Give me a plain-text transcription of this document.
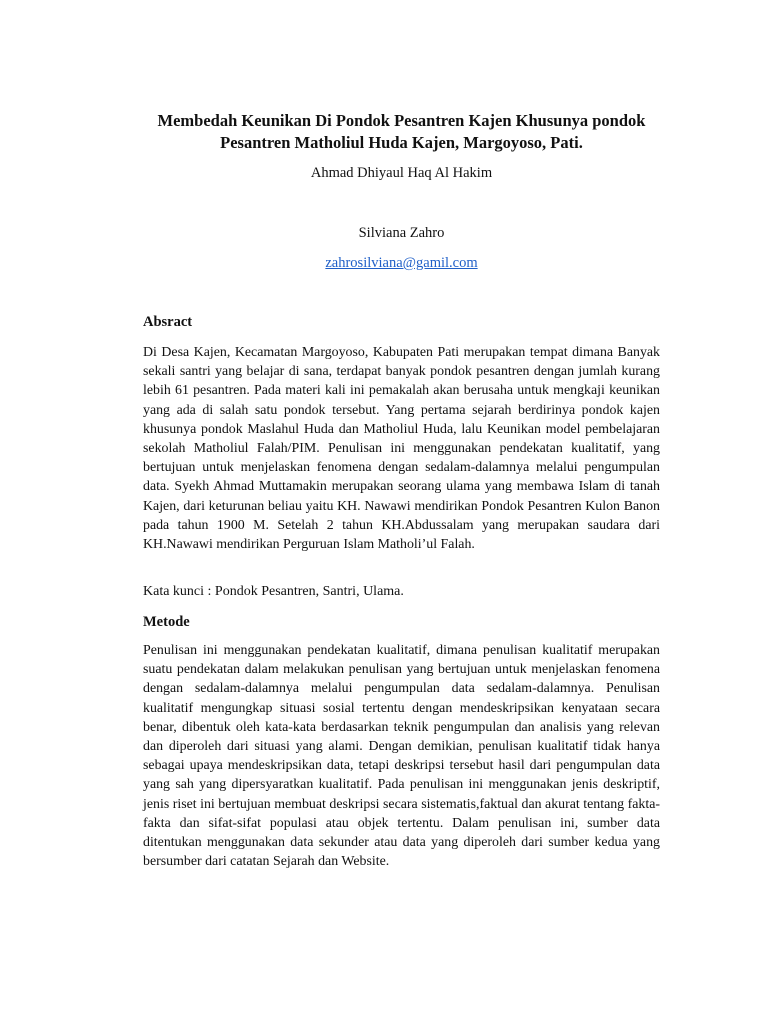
Membedah Keunikan Di Pondok Pesantren Kajen Khusunya pondok Pesantren Matholiul Huda Kajen, Margoyoso, Pati.
Ahmad Dhiyaul Haq Al Hakim
Silviana Zahro
zahrosilviana@gamil.com
Absract
Di Desa Kajen, Kecamatan Margoyoso, Kabupaten Pati merupakan tempat dimana Banyak sekali santri yang belajar di sana, terdapat banyak pondok pesantren dengan jumlah kurang lebih 61 pesantren. Pada materi kali ini pemakalah akan berusaha untuk mengkaji keunikan yang ada di salah satu pondok tersebut. Yang pertama sejarah berdirinya pondok kajen khusunya pondok Maslahul Huda dan Matholiul Huda, lalu Keunikan model pembelajaran sekolah Matholiul Falah/PIM. Penulisan ini menggunakan pendekatan kualitatif, yang bertujuan untuk menjelaskan fenomena dengan sedalam-dalamnya melalui pengumpulan data. Syekh Ahmad Muttamakin merupakan seorang ulama yang membawa Islam di tanah Kajen, dari keturunan beliau yaitu KH. Nawawi mendirikan Pondok Pesantren Kulon Banon pada tahun 1900 M. Setelah 2 tahun KH.Abdussalam yang merupakan saudara dari KH.Nawawi mendirikan Perguruan Islam Matholi’ul Falah.
Kata kunci : Pondok Pesantren, Santri, Ulama.
Metode
Penulisan ini menggunakan pendekatan kualitatif, dimana penulisan kualitatif merupakan suatu pendekatan dalam melakukan penulisan yang bertujuan untuk menjelaskan fenomena dengan sedalam-dalamnya melalui pengumpulan data sedalam-dalamnya. Penulisan kualitatif mengungkap situasi sosial tertentu dengan mendeskripsikan kenyataan secara benar, dibentuk oleh kata-kata berdasarkan teknik pengumpulan dan analisis yang relevan dan diperoleh dari situasi yang alami. Dengan demikian, penulisan kualitatif tidak hanya sebagai upaya mendeskripsikan data, tetapi deskripsi tersebut hasil dari pengumpulan data yang sah yang dipersyaratkan kualitatif. Pada penulisan ini menggunakan jenis deskriptif, jenis riset ini bertujuan membuat deskripsi secara sistematis,faktual dan akurat tentang fakta-fakta dan sifat-sifat populasi atau objek tertentu. Dalam penulisan ini, sumber data ditentukan menggunakan data sekunder atau data yang diperoleh dari sumber kedua yang bersumber dari catatan Sejarah dan Website.
